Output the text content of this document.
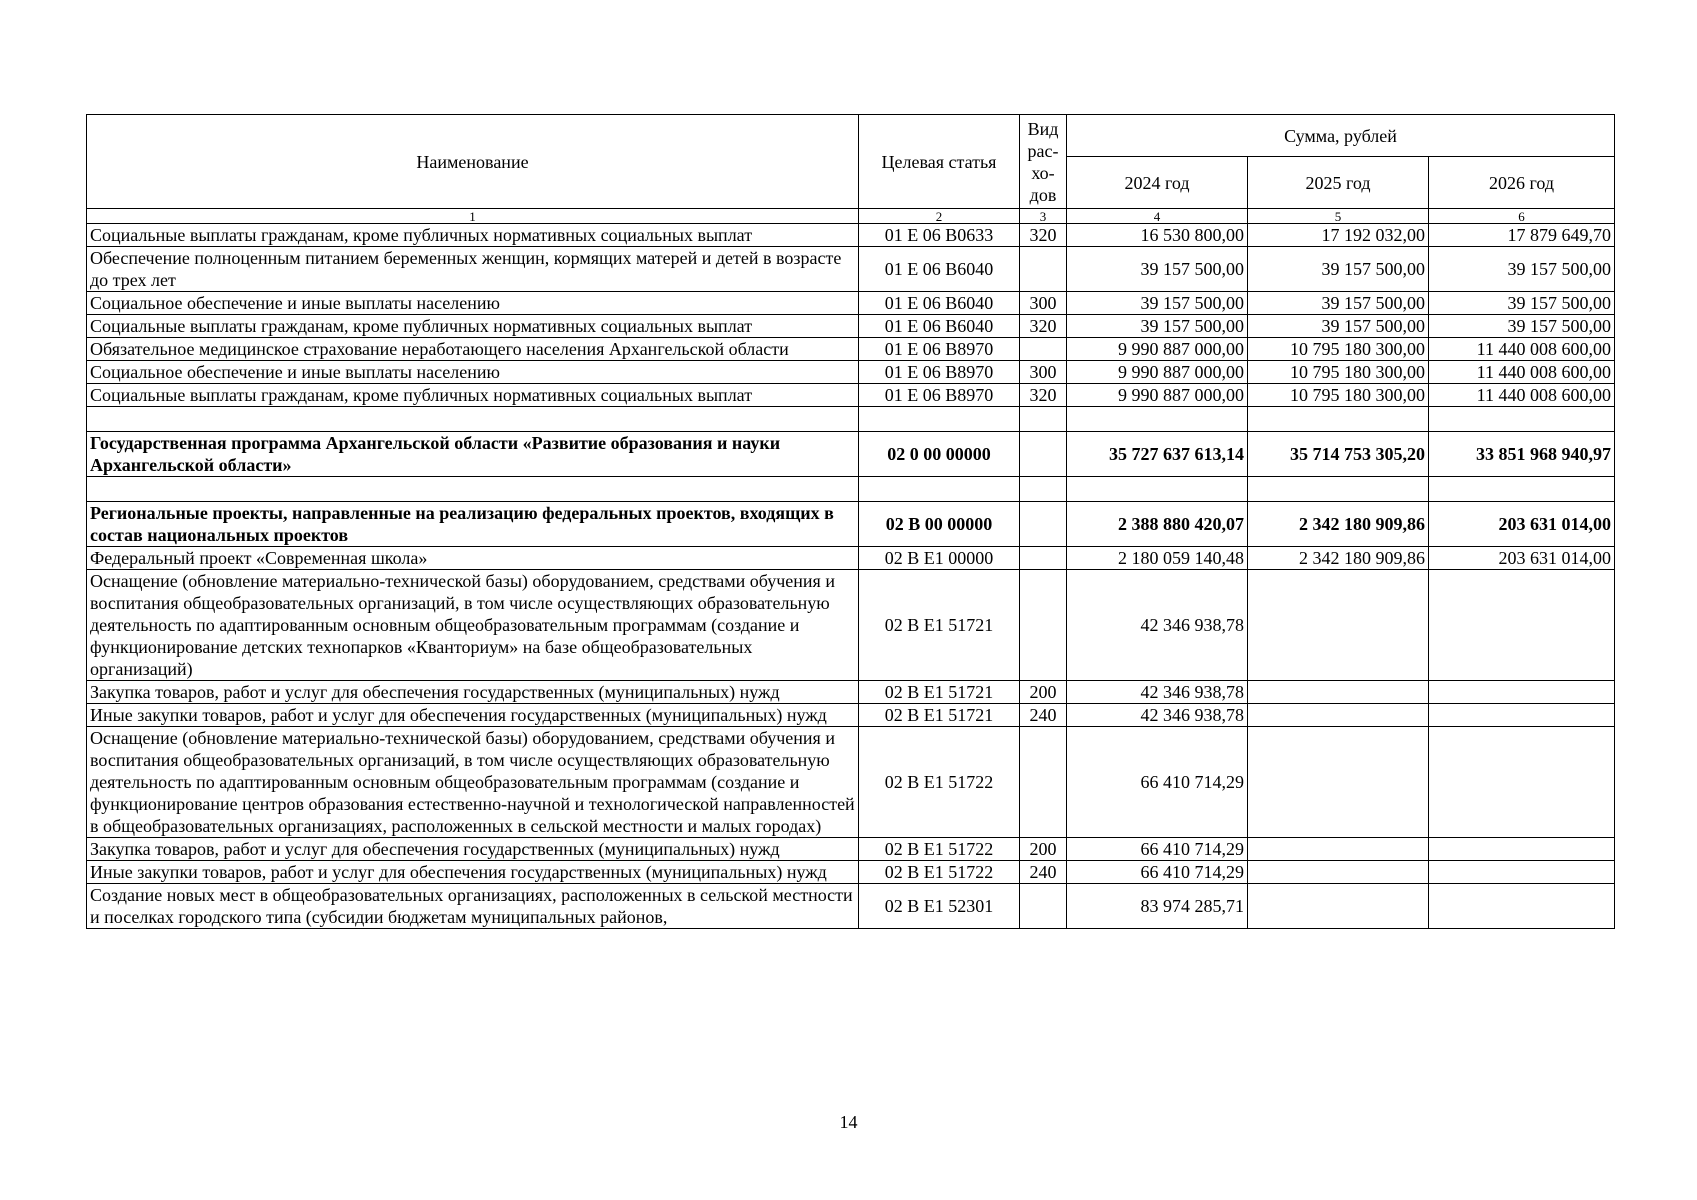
Наименование	Целевая статья	Вид рас-хо-дов	Сумма, рублей		
			2024 год	2025 год	2026 год
1	2	3	4	5	6
Социальные выплаты гражданам, кроме публичных нормативных социальных выплат	01 Е 06 В0633	320	16 530 800,00	17 192 032,00	17 879 649,70
Обеспечение полноценным питанием беременных женщин, кормящих матерей и детей в возрасте до трех лет	01 Е 06 В6040		39 157 500,00	39 157 500,00	39 157 500,00
Социальное обеспечение и иные выплаты населению	01 Е 06 В6040	300	39 157 500,00	39 157 500,00	39 157 500,00
Социальные выплаты гражданам, кроме публичных нормативных социальных выплат	01 Е 06 В6040	320	39 157 500,00	39 157 500,00	39 157 500,00
Обязательное медицинское страхование неработающего населения Архангельской области	01 Е 06 В8970		9 990 887 000,00	10 795 180 300,00	11 440 008 600,00
Социальное обеспечение и иные выплаты населению	01 Е 06 В8970	300	9 990 887 000,00	10 795 180 300,00	11 440 008 600,00
Социальные выплаты гражданам, кроме публичных нормативных социальных выплат	01 Е 06 В8970	320	9 990 887 000,00	10 795 180 300,00	11 440 008 600,00

Государственная программа Архангельской области «Развитие образования и науки Архангельской области»	02 0 00 00000		35 727 637 613,14	35 714 753 305,20	33 851 968 940,97

Региональные проекты, направленные на реализацию федеральных проектов, входящих в состав национальных проектов	02 В 00 00000		2 388 880 420,07	2 342 180 909,86	203 631 014,00
Федеральный проект «Современная школа»	02 В Е1 00000		2 180 059 140,48	2 342 180 909,86	203 631 014,00
Оснащение (обновление материально-технической базы) оборудованием, средствами обучения и воспитания общеобразовательных организаций, в том числе осуществляющих образовательную деятельность по адаптированным основным общеобразовательным программам (создание и функционирование детских технопарков «Кванториум» на базе общеобразовательных организаций)	02 В Е1 51721		42 346 938,78		
Закупка товаров, работ и услуг для обеспечения государственных (муниципальных) нужд	02 В Е1 51721	200	42 346 938,78		
Иные закупки товаров, работ и услуг для обеспечения государственных (муниципальных) нужд	02 В Е1 51721	240	42 346 938,78		
Оснащение (обновление материально-технической базы) оборудованием, средствами обучения и воспитания общеобразовательных организаций, в том числе осуществляющих образовательную деятельность по адаптированным основным общеобразовательным программам (создание и функционирование центров образования естественно-научной и технологической направленностей в общеобразовательных организациях, расположенных в сельской местности и малых городах)	02 В Е1 51722		66 410 714,29		
Закупка товаров, работ и услуг для обеспечения государственных (муниципальных) нужд	02 В Е1 51722	200	66 410 714,29		
Иные закупки товаров, работ и услуг для обеспечения государственных (муниципальных) нужд	02 В Е1 51722	240	66 410 714,29		
Создание новых мест в общеобразовательных организациях, расположенных в сельской местности и поселках городского типа (субсидии бюджетам муниципальных районов,	02 В Е1 52301		83 974 285,71		
14
